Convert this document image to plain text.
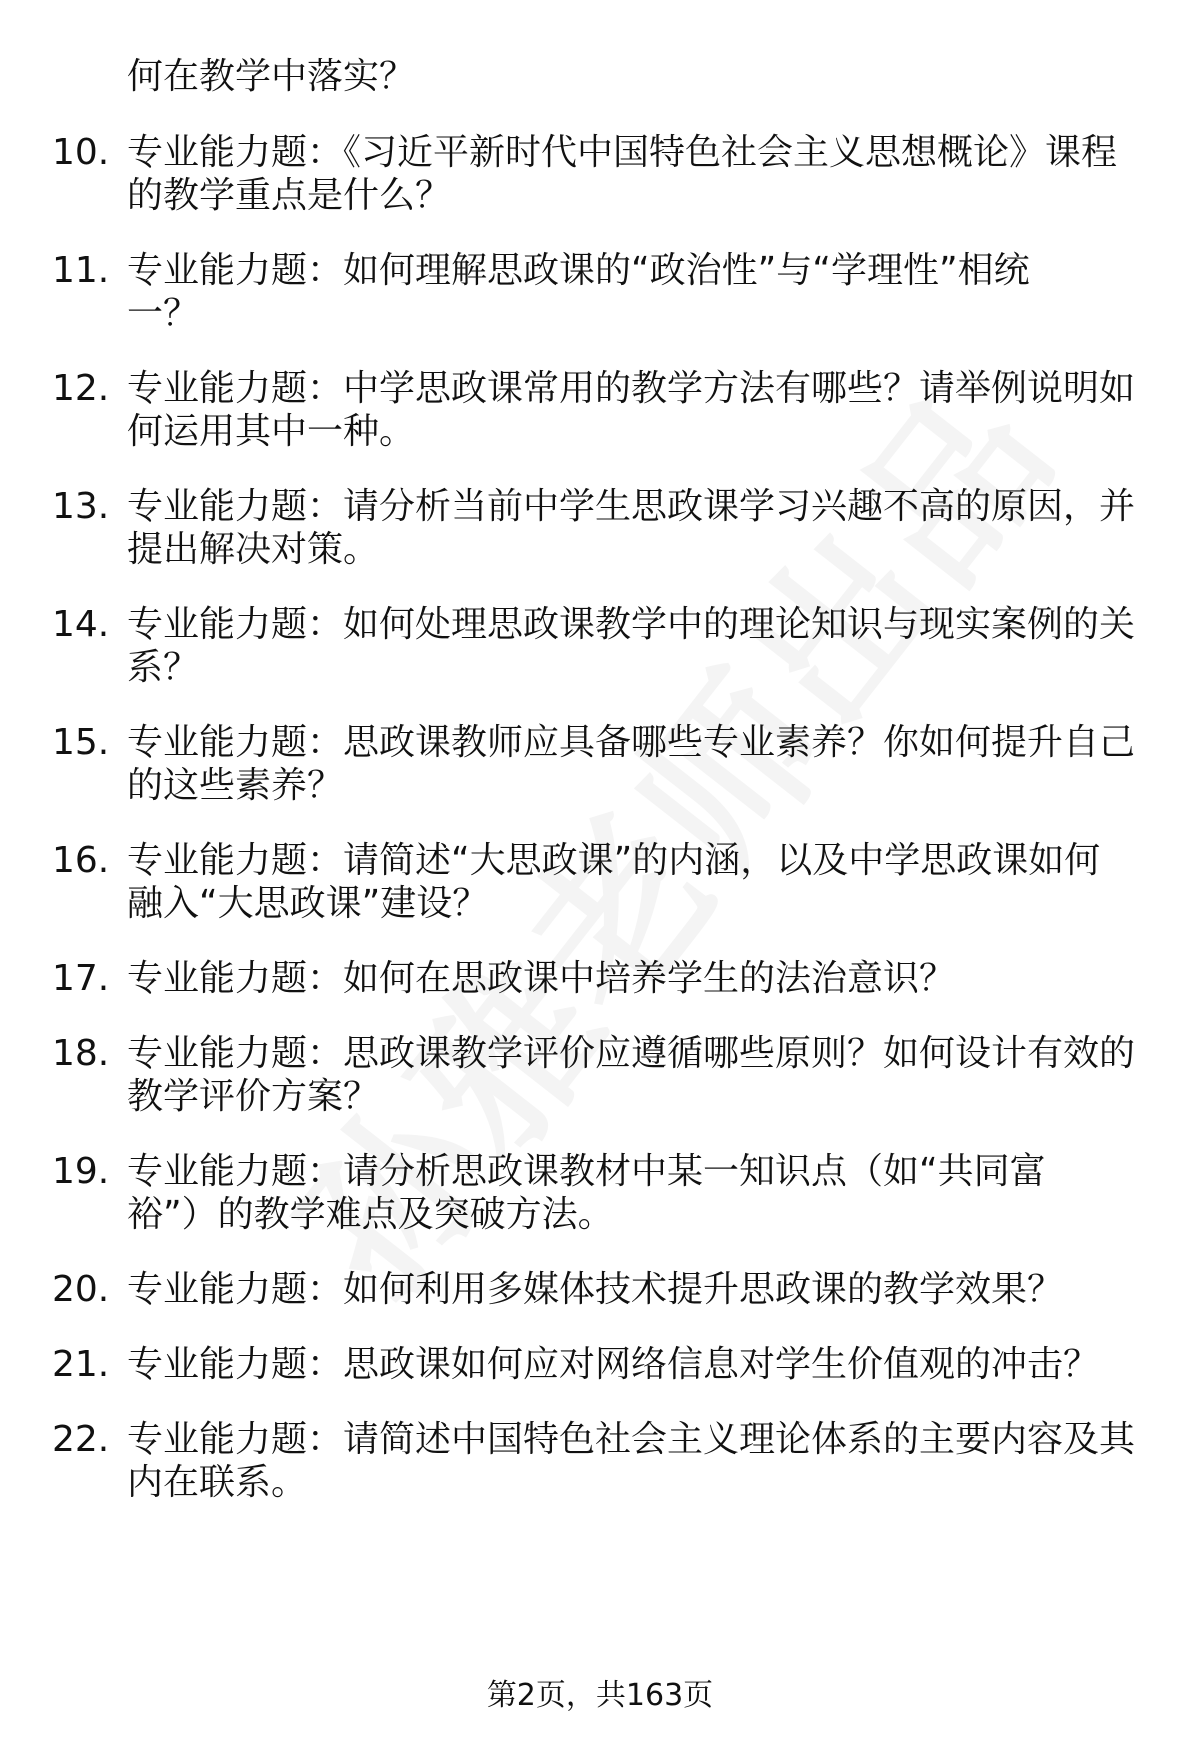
何在教学中落实？
10. 专业能力题：《习近平新时代中国特色社会主义思想概论》课程
的教学重点是什么？
11. 专业能力题：如何理解思政课的“政治性”与“学理性”相统
一？
12. 专业能力题：中学思政课常用的教学方法有哪些？请举例说明如
何运用其中一种。
13. 专业能力题：请分析当前中学生思政课学习兴趣不高的原因，并
提出解决对策。
14. 专业能力题：如何处理思政课教学中的理论知识与现实案例的关
系？
15. 专业能力题：思政课教师应具备哪些专业素养？你如何提升自己
的这些素养？
16. 专业能力题：请简述“大思政课”的内涵，以及中学思政课如何
融入“大思政课”建设？
17. 专业能力题：如何在思政课中培养学生的法治意识？
18. 专业能力题：思政课教学评价应遵循哪些原则？如何设计有效的
教学评价方案？
19. 专业能力题：请分析思政课教材中某一知识点（如“共同富
裕”）的教学难点及突破方法。
20. 专业能力题：如何利用多媒体技术提升思政课的教学效果？
21. 专业能力题：思政课如何应对网络信息对学生价值观的冲击？
22. 专业能力题：请简述中国特色社会主义理论体系的主要内容及其
内在联系。
第2页，共163页
